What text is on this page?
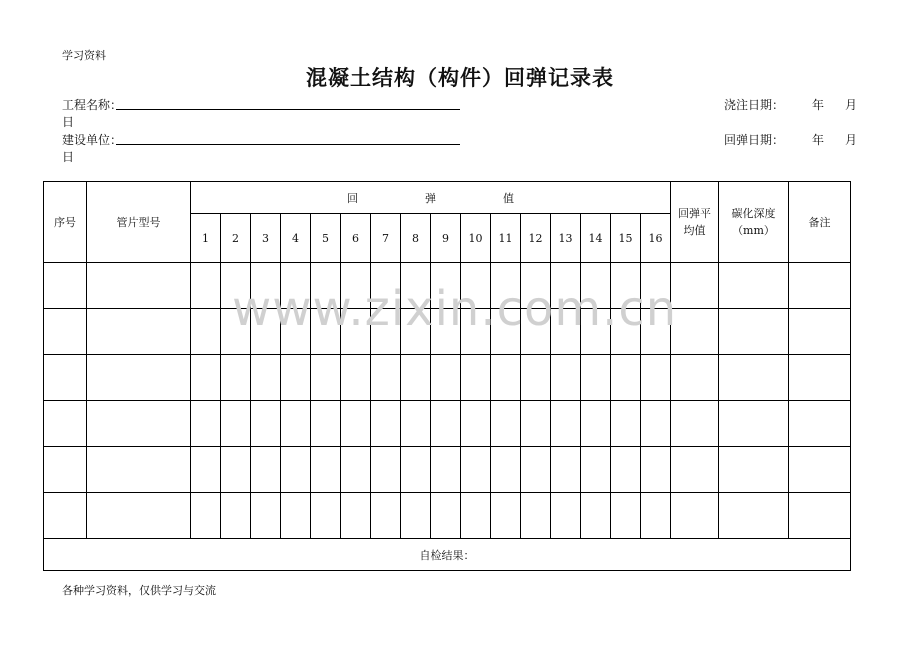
学习资料
混凝土结构（构件）回弹记录表
工程名称：	浇注日期： 年 月
日
建设单位：	回弹日期： 年 月
日
序号	管片型号	回　弹　值																回弹平均值	碳化深度（mm）	备注
		1	2	3	4	5	6	7	8	9	10	11	12	13	14	15	16			

自检结果：																				
www.zixin.com.cn
各种学习资料，仅供学习与交流
